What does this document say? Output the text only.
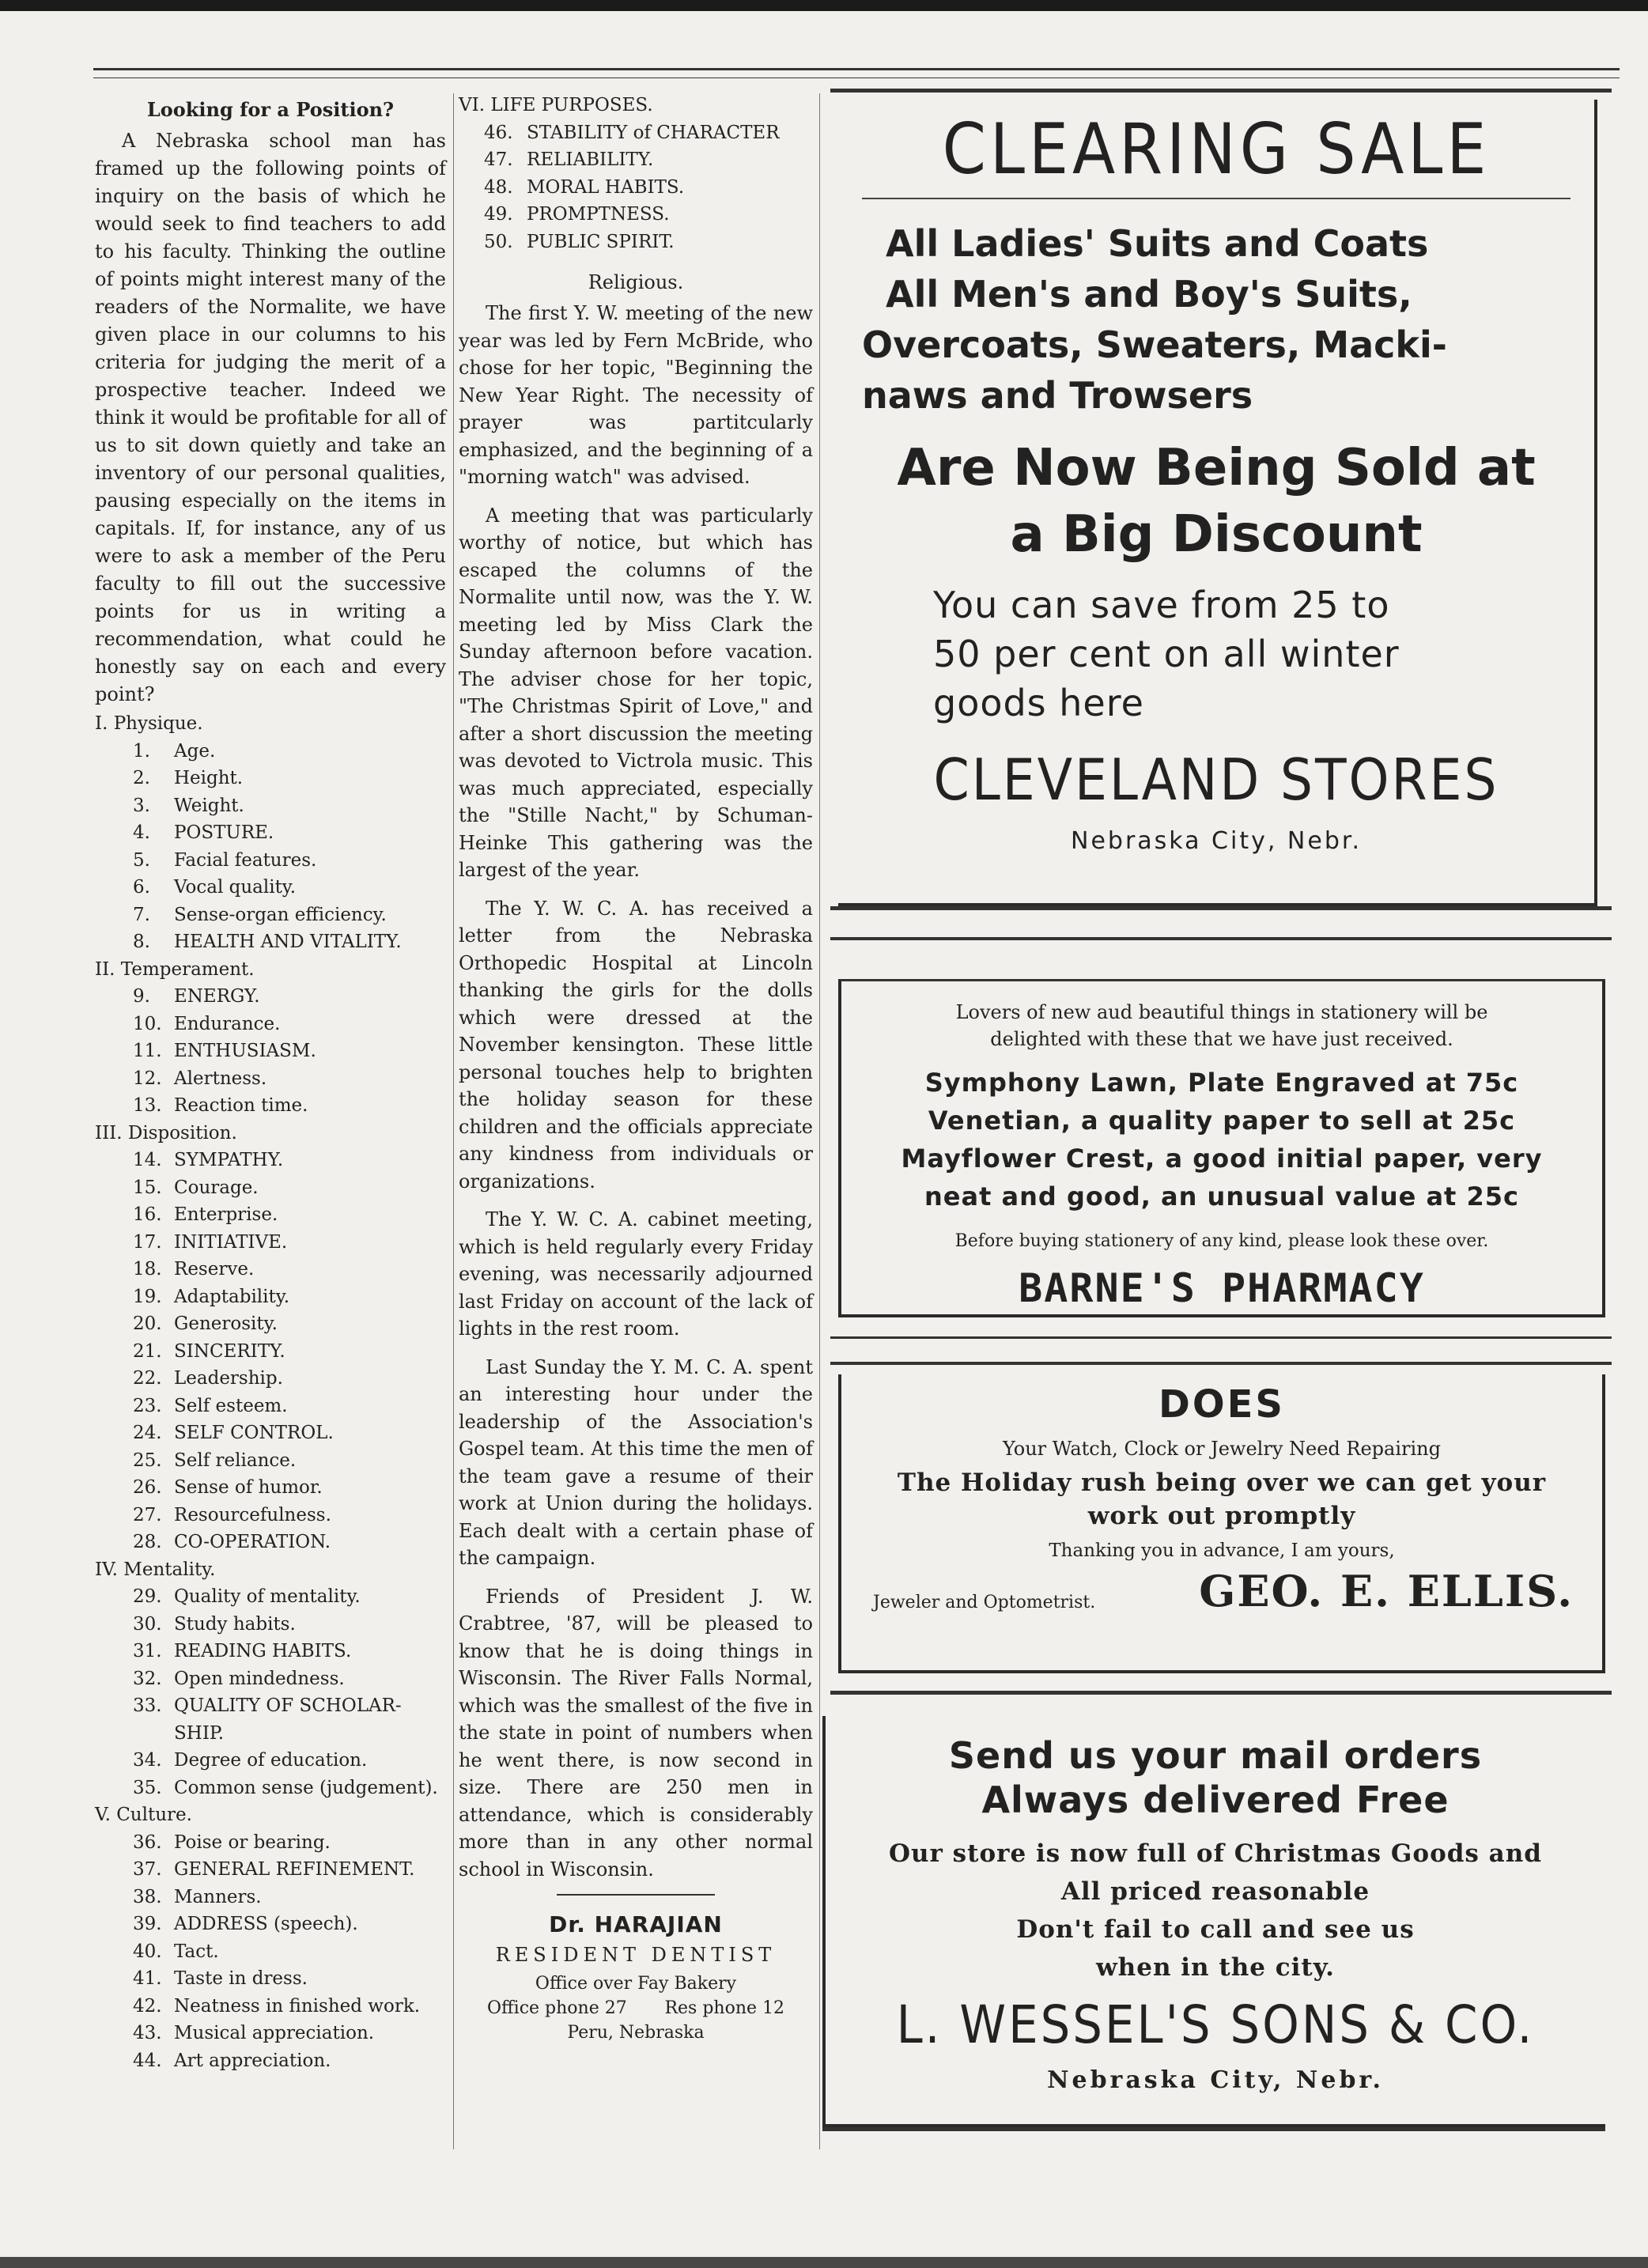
Looking for a Position?

A Nebraska school man has framed up the following points of inquiry on the basis of which he would seek to find teachers to add to his faculty. Thinking the outline of points might interest many of the readers of the Normalite, we have given place in our columns to his criteria for judging the merit of a prospective teacher. Indeed we think it would be profitable for all of us to sit down quietly and take an inventory of our personal qualities, pausing especially on the items in capitals. If, for instance, any of us were to ask a member of the Peru faculty to fill out the successive points for us in writing a recommendation, what could he honestly say on each and every point?

I. Physique.
1. Age.
2. Height.
3. Weight.
4. POSTURE.
5. Facial features.
6. Vocal quality.
7. Sense-organ efficiency.
8. HEALTH AND VITALITY.
II. Temperament.
9. ENERGY.
10. Endurance.
11. ENTHUSIASM.
12. Alertness.
13. Reaction time.
III. Disposition.
14. SYMPATHY.
15. Courage.
16. Enterprise.
17. INITIATIVE.
18. Reserve.
19. Adaptability.
20. Generosity.
21. SINCERITY.
22. Leadership.
23. Self esteem.
24. SELF CONTROL.
25. Self reliance.
26. Sense of humor.
27. Resourcefulness.
28. CO-OPERATION.
IV. Mentality.
29. Quality of mentality.
30. Study habits.
31. READING HABITS.
32. Open mindedness.
33. QUALITY OF SCHOLAR-
SHIP.
34. Degree of education.
35. Common sense (judgement).
V. Culture.
36. Poise or bearing.
37. GENERAL REFINEMENT.
38. Manners.
39. ADDRESS (speech).
40. Tact.
41. Taste in dress.
42. Neatness in finished work.
43. Musical appreciation.
44. Art appreciation.
VI. LIFE PURPOSES.
46. STABILITY of CHARACTER
47. RELIABILITY.
48. MORAL HABITS.
49. PROMPTNESS.
50. PUBLIC SPIRIT.
Religious.

The first Y. W. meeting of the new year was led by Fern McBride, who chose for her topic, "Beginning the New Year Right. The necessity of prayer was partitcularly emphasized, and the beginning of a "morning watch" was advised.

A meeting that was particularly worthy of notice, but which has escaped the columns of the Normalite until now, was the Y. W. meeting led by Miss Clark the Sunday afternoon before vacation. The adviser chose for her topic, "The Christmas Spirit of Love," and after a short discussion the meeting was devoted to Victrola music. This was much appreciated, especially the "Stille Nacht," by Schuman-Heinke This gathering was the largest of the year.

The Y. W. C. A. has received a letter from the Nebraska Orthopedic Hospital at Lincoln thanking the girls for the dolls which were dressed at the November kensington. These little personal touches help to brighten the holiday season for these children and the officials appreciate any kindness from individuals or organizations.

The Y. W. C. A. cabinet meeting, which is held regularly every Friday evening, was necessarily adjourned last Friday on account of the lack of lights in the rest room.

Last Sunday the Y. M. C. A. spent an interesting hour under the leadership of the Association's Gospel team. At this time the men of the team gave a resume of their work at Union during the holidays. Each dealt with a certain phase of the campaign.

Friends of President J. W. Crabtree, '87, will be pleased to know that he is doing things in Wisconsin. The River Falls Normal, which was the smallest of the five in the state in point of numbers when he went there, is now second in size. There are 250 men in attendance, which is considerably more than in any other normal school in Wisconsin.

Dr. HARAJIAN
RESIDENT DENTIST
Office over Fay Bakery
Office phone 27 Res phone 12
Peru, Nebraska
CLEARING SALE
All Ladies' Suits and Coats
All Men's and Boy's Suits,
Overcoats, Sweaters, Macki-
naws and Trowsers
Are Now Being Sold at
a Big Discount
You can save from 25 to
50 per cent on all winter
goods here
CLEVELAND STORES
Nebraska City, Nebr.
Lovers of new aud beautiful things in stationery will be
delighted with these that we have just received.
Symphony Lawn, Plate Engraved at 75c
Venetian, a quality paper to sell at 25c
Mayflower Crest, a good initial paper, very
neat and good, an unusual value at 25c
Before buying stationery of any kind, please look these over.
BARNE'S PHARMACY
DOES
Your Watch, Clock or Jewelry Need Repairing
The Holiday rush being over we can get your
work out promptly
Thanking you in advance, I am yours,
Jeweler and Optometrist. GEO. E. ELLIS.
Send us your mail orders
Always delivered Free
Our store is now full of Christmas Goods and
All priced reasonable
Don't fail to call and see us
when in the city.
L. WESSEL'S SONS & CO.
Nebraska City, Nebr.
